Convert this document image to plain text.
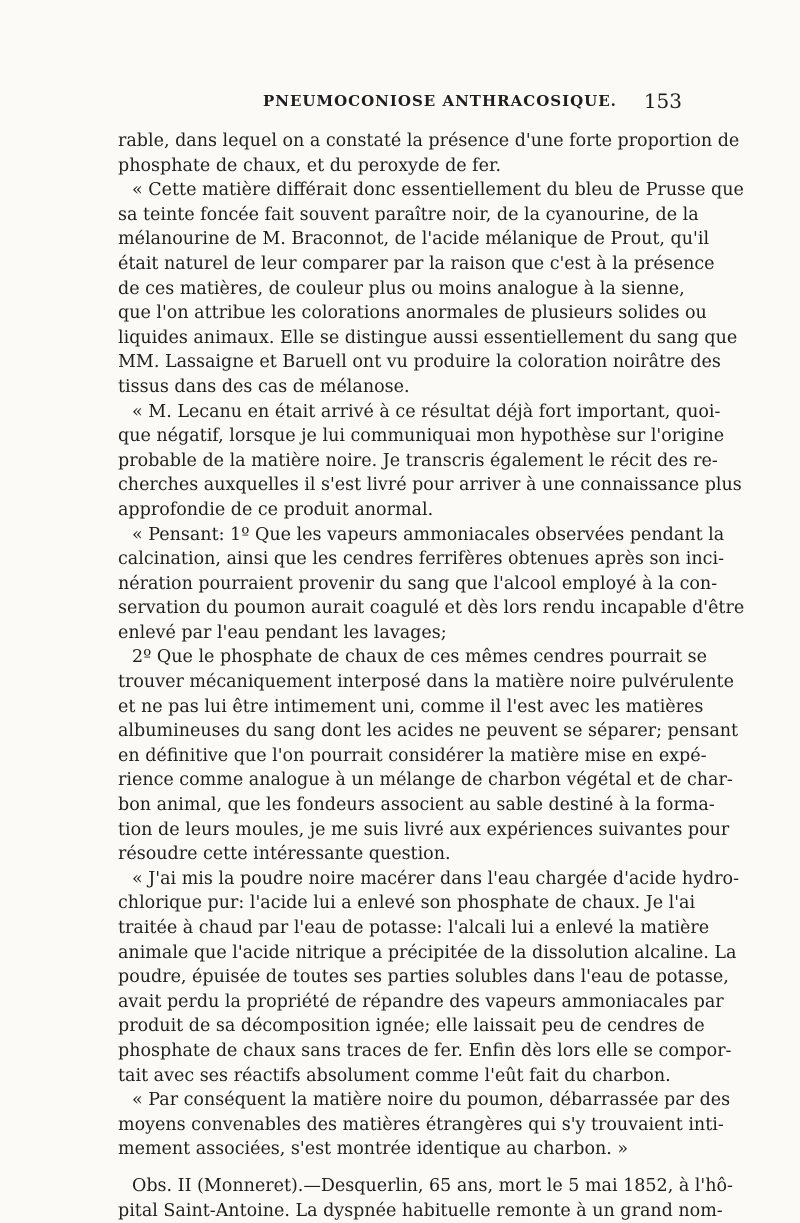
PNEUMOCONIOSE ANTHRACOSIQUE. 153
rable, dans lequel on a constaté la présence d'une forte proportion de
phosphate de chaux, et du peroxyde de fer.
« Cette matière différait donc essentiellement du bleu de Prusse que
sa teinte foncée fait souvent paraître noir, de la cyanourine, de la
mélanourine de M. Braconnot, de l'acide mélanique de Prout, qu'il
était naturel de leur comparer par la raison que c'est à la présence
de ces matières, de couleur plus ou moins analogue à la sienne,
que l'on attribue les colorations anormales de plusieurs solides ou
liquides animaux. Elle se distingue aussi essentiellement du sang que
MM. Lassaigne et Baruell ont vu produire la coloration noirâtre des
tissus dans des cas de mélanose.
« M. Lecanu en était arrivé à ce résultat déjà fort important, quoi-
que négatif, lorsque je lui communiquai mon hypothèse sur l'origine
probable de la matière noire. Je transcris également le récit des re-
cherches auxquelles il s'est livré pour arriver à une connaissance plus
approfondie de ce produit anormal.
« Pensant: 1º Que les vapeurs ammoniacales observées pendant la
calcination, ainsi que les cendres ferrifères obtenues après son inci-
nération pourraient provenir du sang que l'alcool employé à la con-
servation du poumon aurait coagulé et dès lors rendu incapable d'être
enlevé par l'eau pendant les lavages;
2º Que le phosphate de chaux de ces mêmes cendres pourrait se
trouver mécaniquement interposé dans la matière noire pulvérulente
et ne pas lui être intimement uni, comme il l'est avec les matières
albumineuses du sang dont les acides ne peuvent se séparer; pensant
en définitive que l'on pourrait considérer la matière mise en expé-
rience comme analogue à un mélange de charbon végétal et de char-
bon animal, que les fondeurs associent au sable destiné à la forma-
tion de leurs moules, je me suis livré aux expériences suivantes pour
résoudre cette intéressante question.
« J'ai mis la poudre noire macérer dans l'eau chargée d'acide hydro-
chlorique pur: l'acide lui a enlevé son phosphate de chaux. Je l'ai
traitée à chaud par l'eau de potasse: l'alcali lui a enlevé la matière
animale que l'acide nitrique a précipitée de la dissolution alcaline. La
poudre, épuisée de toutes ses parties solubles dans l'eau de potasse,
avait perdu la propriété de répandre des vapeurs ammoniacales par
produit de sa décomposition ignée; elle laissait peu de cendres de
phosphate de chaux sans traces de fer. Enfin dès lors elle se compor-
tait avec ses réactifs absolument comme l'eût fait du charbon.
« Par conséquent la matière noire du poumon, débarrassée par des
moyens convenables des matières étrangères qui s'y trouvaient inti-
mement associées, s'est montrée identique au charbon. »
Obs. II (Monneret).—Desquerlin, 65 ans, mort le 5 mai 1852, à l'hô-
pital Saint-Antoine. La dyspnée habituelle remonte à un grand nom-
